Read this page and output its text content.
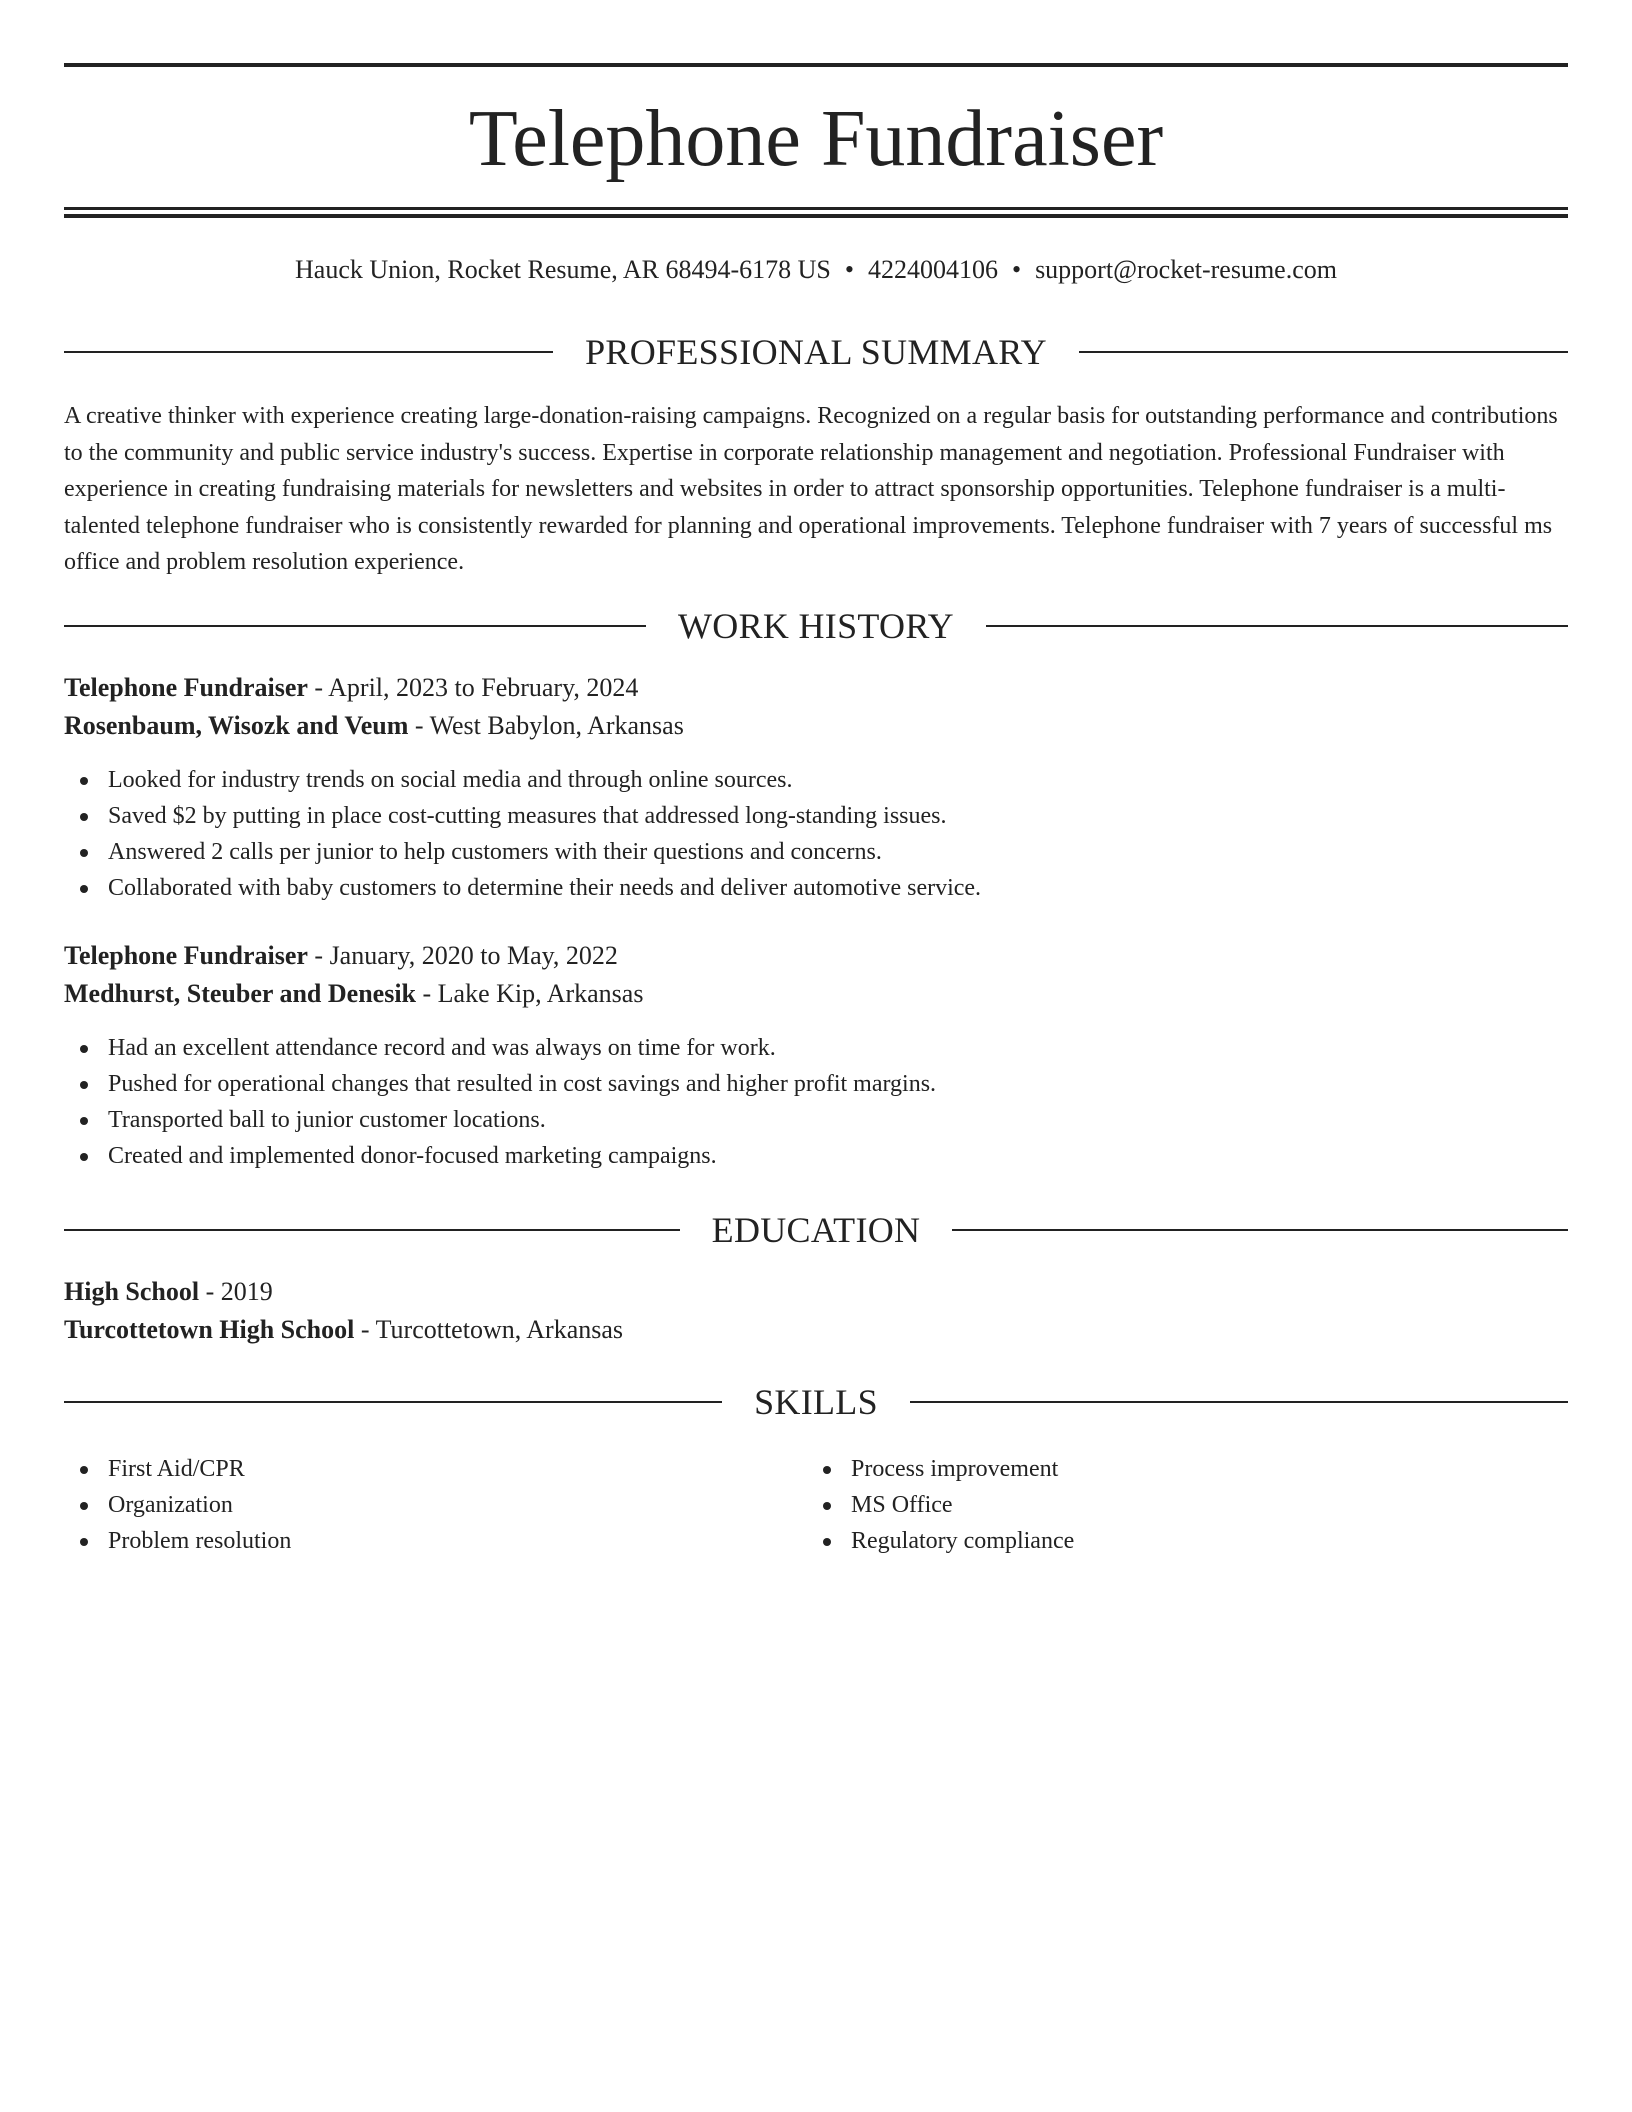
Telephone Fundraiser
Hauck Union, Rocket Resume, AR 68494-6178 US • 4224004106 • support@rocket-resume.com
PROFESSIONAL SUMMARY

A creative thinker with experience creating large-donation-raising campaigns. Recognized on a regular basis for outstanding performance and contributions to the community and public service industry's success. Expertise in corporate relationship management and negotiation. Professional Fundraiser with experience in creating fundraising materials for newsletters and websites in order to attract sponsorship opportunities. Telephone fundraiser is a multi-talented telephone fundraiser who is consistently rewarded for planning and operational improvements. Telephone fundraiser with 7 years of successful ms office and problem resolution experience.

WORK HISTORY
Telephone Fundraiser - April, 2023 to February, 2024
Rosenbaum, Wisozk and Veum - West Babylon, Arkansas
Looked for industry trends on social media and through online sources.
Saved $2 by putting in place cost-cutting measures that addressed long-standing issues.
Answered 2 calls per junior to help customers with their questions and concerns.
Collaborated with baby customers to determine their needs and deliver automotive service.
Telephone Fundraiser - January, 2020 to May, 2022
Medhurst, Steuber and Denesik - Lake Kip, Arkansas
Had an excellent attendance record and was always on time for work.
Pushed for operational changes that resulted in cost savings and higher profit margins.
Transported ball to junior customer locations.
Created and implemented donor-focused marketing campaigns.
EDUCATION
High School - 2019
Turcottetown High School - Turcottetown, Arkansas
SKILLS
First Aid/CPR
Organization
Problem resolution
Process improvement
MS Office
Regulatory compliance
